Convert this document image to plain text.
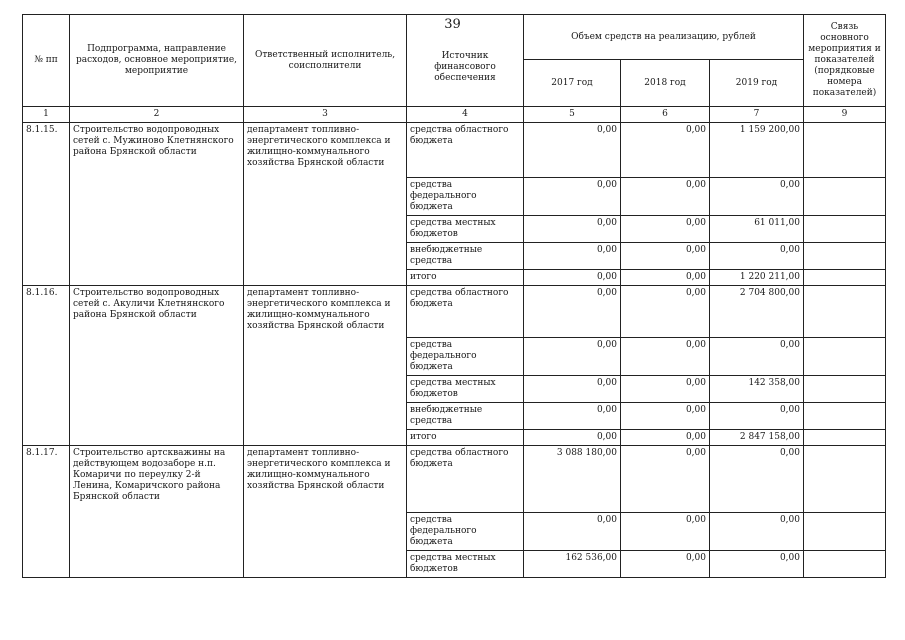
39
№ пп	Подпрограмма, направление расходов, основное мероприятие, мероприятие	Ответственный исполнитель, соисполнители	Источник финансового обеспечения	Объем средств на реализацию, рублей			Связь основного мероприятия и показателей (порядковые номера показателей)
				2017 год	2018 год	2019 год	
1	2	3	4	5	6	7	9
8.1.15.	Строительство водопроводных сетей с. Мужиново Клетнянского района Брянской области	департамент топливно-энергетического комплекса и жилищно-коммунального хозяйства Брянской области	средства областного бюджета	0,00	0,00	1 159 200,00	
			средства федерального бюджета	0,00	0,00	0,00	
			средства местных бюджетов	0,00	0,00	61 011,00	
			внебюджетные средства	0,00	0,00	0,00	
			итого	0,00	0,00	1 220 211,00	
8.1.16.	Строительство водопроводных сетей с. Акуличи Клетнянского района Брянской области	департамент топливно-энергетического комплекса и жилищно-коммунального хозяйства Брянской области	средства областного бюджета	0,00	0,00	2 704 800,00	
			средства федерального бюджета	0,00	0,00	0,00	
			средства местных бюджетов	0,00	0,00	142 358,00	
			внебюджетные средства	0,00	0,00	0,00	
			итого	0,00	0,00	2 847 158,00	
8.1.17.	Строительство артскважины на действующем водозаборе н.п. Комаричи по переулку 2-й Ленина, Комаричского района Брянской области	департамент топливно-энергетического комплекса и жилищно-коммунального хозяйства Брянской области	средства областного бюджета	3 088 180,00	0,00	0,00	
			средства федерального бюджета	0,00	0,00	0,00	
			средства местных бюджетов	162 536,00	0,00	0,00	
